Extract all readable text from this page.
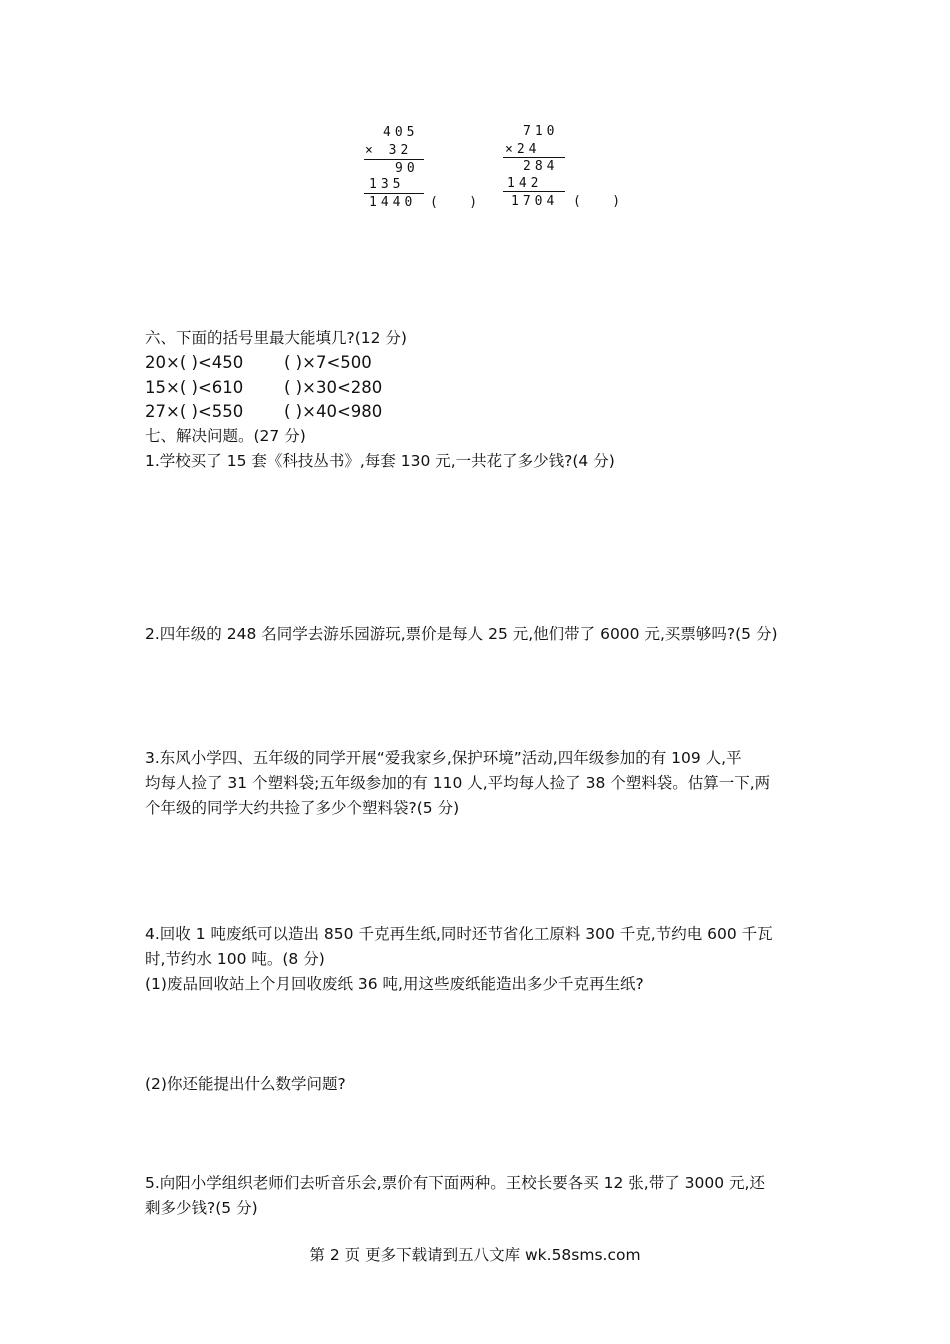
405
× 32
90
135
1440 (   )
710
×24
284
142
1704 (   )
六、下面的括号里最大能填几?(12 分)
20×( )<450 ( )×7<500
15×( )<610 ( )×30<280
27×( )<550 ( )×40<980
七、解决问题。(27 分)
1.学校买了 15 套《科技丛书》,每套 130 元,一共花了多少钱?(4 分)
2.四年级的 248 名同学去游乐园游玩,票价是每人 25 元,他们带了 6000 元,买票够吗?(5 分)
3.东风小学四、五年级的同学开展“爱我家乡,保护环境”活动,四年级参加的有 109 人,平
均每人捡了 31 个塑料袋;五年级参加的有 110 人,平均每人捡了 38 个塑料袋。估算一下,两
个年级的同学大约共捡了多少个塑料袋?(5 分)
4.回收 1 吨废纸可以造出 850 千克再生纸,同时还节省化工原料 300 千克,节约电 600 千瓦
时,节约水 100 吨。(8 分)
(1)废品回收站上个月回收废纸 36 吨,用这些废纸能造出多少千克再生纸?
(2)你还能提出什么数学问题?
5.向阳小学组织老师们去听音乐会,票价有下面两种。王校长要各买 12 张,带了 3000 元,还
剩多少钱?(5 分)
第 2 页 更多下载请到五八文库 wk.58sms.com
